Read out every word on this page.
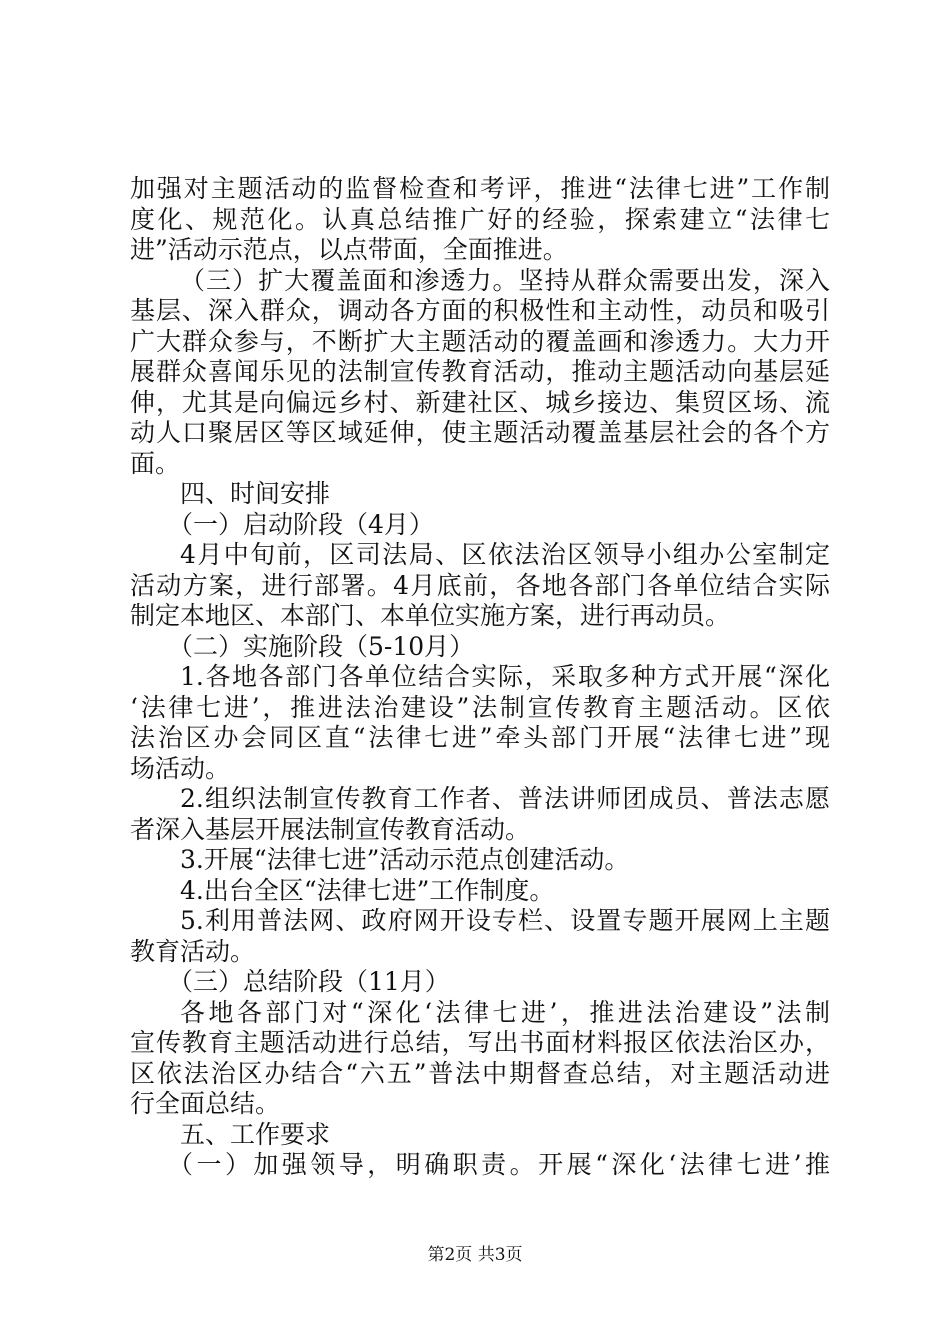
加强对主题活动的监督检查和考评，推进“法律七进”工作制
度化、规范化。认真总结推广好的经验，探索建立“法律七
进”活动示范点，以点带面，全面推进。
（三）扩大覆盖面和渗透力。坚持从群众需要出发，深入
基层、深入群众，调动各方面的积极性和主动性，动员和吸引
广大群众参与，不断扩大主题活动的覆盖画和渗透力。大力开
展群众喜闻乐见的法制宣传教育活动，推动主题活动向基层延
伸，尤其是向偏远乡村、新建社区、城乡接边、集贸区场、流
动人口聚居区等区域延伸，使主题活动覆盖基层社会的各个方
面。
四、时间安排
（一）启动阶段（4月）
4月中旬前，区司法局、区依法治区领导小组办公室制定
活动方案，进行部署。4月底前，各地各部门各单位结合实际
制定本地区、本部门、本单位实施方案，进行再动员。
（二）实施阶段（5-10月）
1.各地各部门各单位结合实际，采取多种方式开展“深化
‘法律七进’，推进法治建设”法制宣传教育主题活动。区依
法治区办会同区直“法律七进”牵头部门开展“法律七进”现
场活动。
2.组织法制宣传教育工作者、普法讲师团成员、普法志愿
者深入基层开展法制宣传教育活动。
3.开展“法律七进”活动示范点创建活动。
4.出台全区“法律七进”工作制度。
5.利用普法网、政府网开设专栏、设置专题开展网上主题
教育活动。
（三）总结阶段（11月）
各地各部门对“深化‘法律七进’，推进法治建设”法制
宣传教育主题活动进行总结，写出书面材料报区依法治区办，
区依法治区办结合“六五”普法中期督查总结，对主题活动进
行全面总结。
五、工作要求
（一）加强领导，明确职责。开展“深化‘法律七进’推
第2页 共3页
